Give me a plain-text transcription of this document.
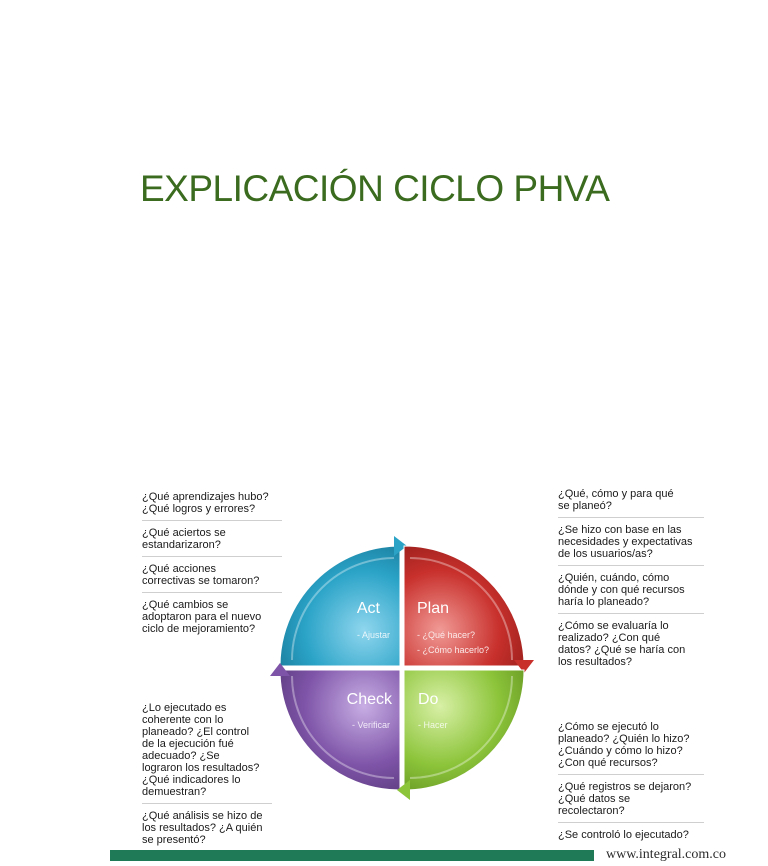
EXPLICACIÓN CICLO PHVA
¿Qué aprendizajes hubo?
¿Qué logros y errores?
¿Qué aciertos se
estandarizaron?
¿Qué acciones
correctivas se tomaron?
¿Qué cambios se
adoptaron para el nuevo
ciclo de mejoramiento?
¿Lo ejecutado es
coherente con lo
planeado? ¿El control
de la ejecución fué
adecuado? ¿Se
lograron los resultados?
¿Qué indicadores lo
demuestran?
¿Qué análisis se hizo de
los resultados? ¿A quién
se presentó?
¿Qué, cómo y para qué
se planeó?
¿Se hizo con base en las
necesidades y expectativas
de los usuarios/as?
¿Quién, cuándo, cómo
dónde y con qué recursos
haría lo planeado?
¿Cómo se evaluaría lo
realizado? ¿Con qué
datos? ¿Qué se haría con
los resultados?
¿Cómo se ejecutó lo
planeado? ¿Quién lo hizo?
¿Cuándo y cómo lo hizo?
¿Con qué recursos?
¿Qué registros se dejaron?
¿Qué datos se
recolectaron?
¿Se controló lo ejecutado?
Act
- Ajustar
Plan
- ¿Qué hacer?
- ¿Cómo hacerlo?
Check
- Verificar
Do
- Hacer
www.integral.com.co
